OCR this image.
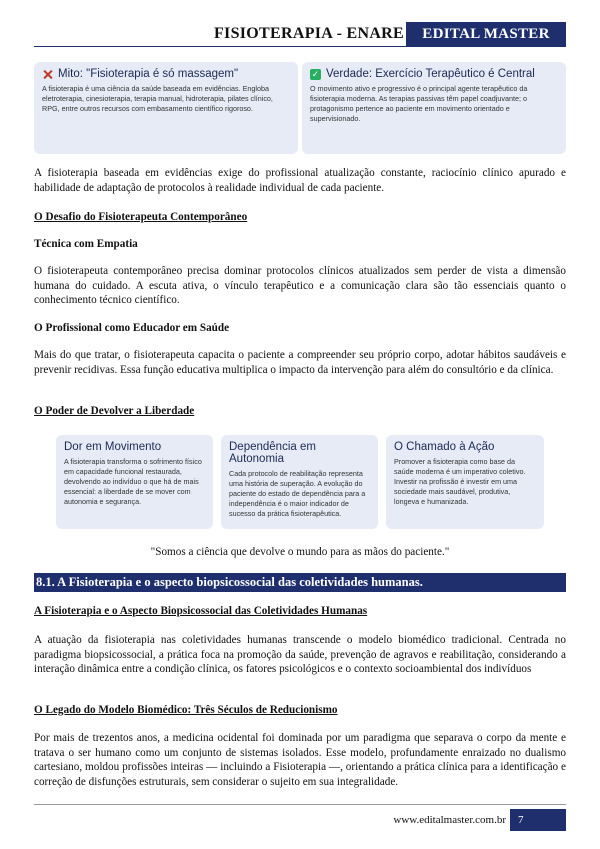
FISIOTERAPIA - ENARE	EDITAL MASTER
Mito: "Fisioterapia é só massagem"
A fisioterapia é uma ciência da saúde baseada em evidências. Engloba eletroterapia, cinesioterapia, terapia manual, hidroterapia, pilates clínico, RPG, entre outros recursos com embasamento científico rigoroso.
✓ Verdade: Exercício Terapêutico é Central
O movimento ativo e progressivo é o principal agente terapêutico da fisioterapia moderna. As terapias passivas têm papel coadjuvante; o protagonismo pertence ao paciente em movimento orientado e supervisionado.
A fisioterapia baseada em evidências exige do profissional atualização constante, raciocínio clínico apurado e habilidade de adaptação de protocolos à realidade individual de cada paciente.
O Desafio do Fisioterapeuta Contemporâneo
Técnica com Empatia
O fisioterapeuta contemporâneo precisa dominar protocolos clínicos atualizados sem perder de vista a dimensão humana do cuidado. A escuta ativa, o vínculo terapêutico e a comunicação clara são tão essenciais quanto o conhecimento técnico científico.
O Profissional como Educador em Saúde
Mais do que tratar, o fisioterapeuta capacita o paciente a compreender seu próprio corpo, adotar hábitos saudáveis e prevenir recidivas. Essa função educativa multiplica o impacto da intervenção para além do consultório e da clínica.
O Poder de Devolver a Liberdade
Dor em Movimento
A fisioterapia transforma o sofrimento físico em capacidade funcional restaurada, devolvendo ao indivíduo o que há de mais essencial: a liberdade de se mover com autonomia e segurança.
Dependência em Autonomia
Cada protocolo de reabilitação representa uma história de superação. A evolução do paciente do estado de dependência para a independência é o maior indicador de sucesso da prática fisioterapêutica.
O Chamado à Ação
Promover a fisioterapia como base da saúde moderna é um imperativo coletivo. Investir na profissão é investir em uma sociedade mais saudável, produtiva, longeva e humanizada.
"Somos a ciência que devolve o mundo para as mãos do paciente."
8.1. A Fisioterapia e o aspecto biopsicossocial das coletividades humanas.
A Fisioterapia e o Aspecto Biopsicossocial das Coletividades Humanas
A atuação da fisioterapia nas coletividades humanas transcende o modelo biomédico tradicional. Centrada no paradigma biopsicossocial, a prática foca na promoção da saúde, prevenção de agravos e reabilitação, considerando a interação dinâmica entre a condição clínica, os fatores psicológicos e o contexto socioambiental dos indivíduos
O Legado do Modelo Biomédico: Três Séculos de Reducionismo
Por mais de trezentos anos, a medicina ocidental foi dominada por um paradigma que separava o corpo da mente e tratava o ser humano como um conjunto de sistemas isolados. Esse modelo, profundamente enraizado no dualismo cartesiano, moldou profissões inteiras — incluindo a Fisioterapia —, orientando a prática clínica para a identificação e correção de disfunções estruturais, sem considerar o sujeito em sua integralidade.
www.editalmaster.com.br	7
